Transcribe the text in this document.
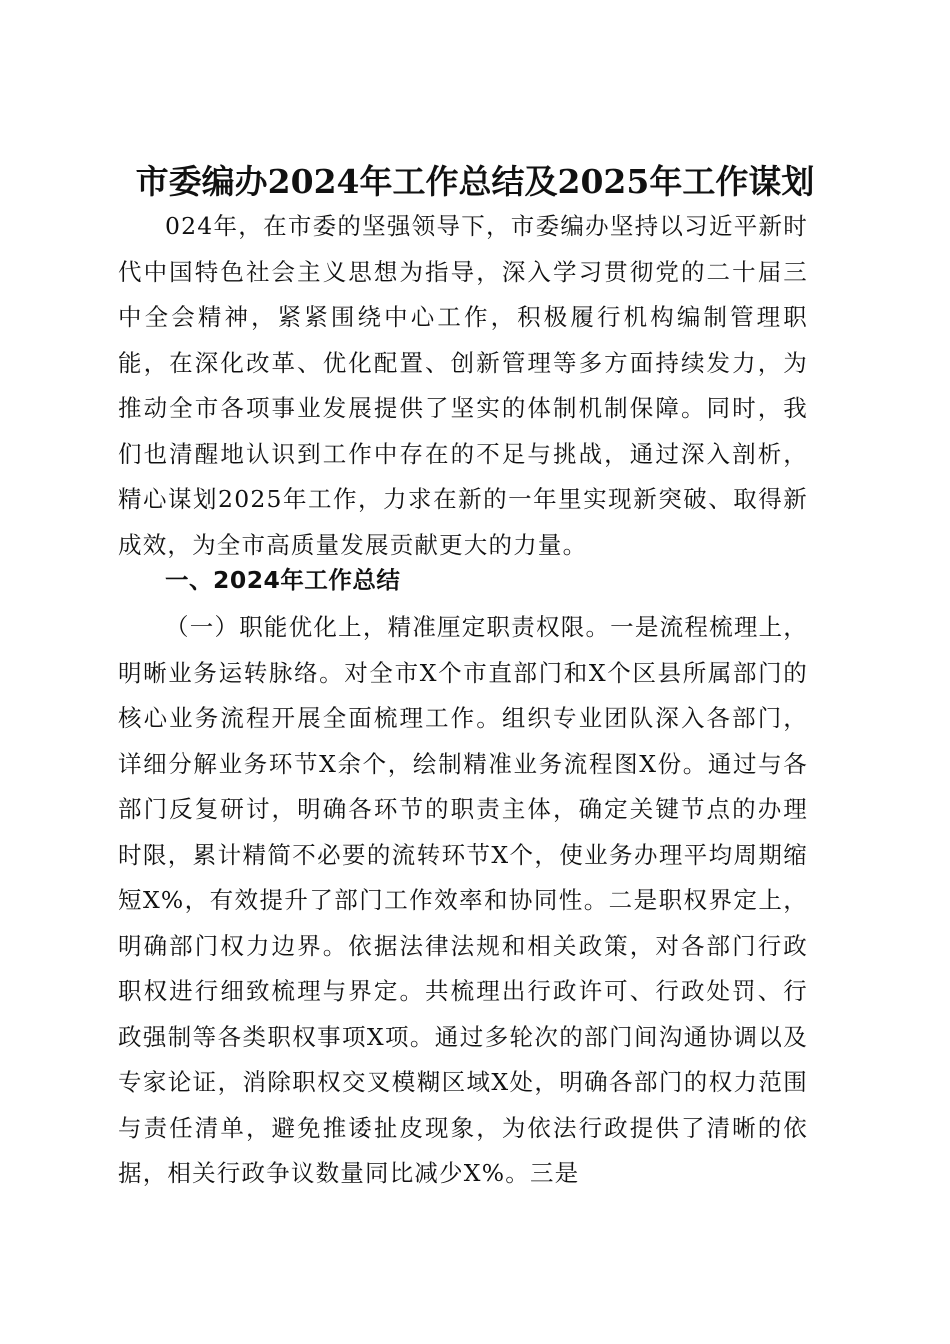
市委编办2024年工作总结及2025年工作谋划

024年，在市委的坚强领导下，市委编办坚持以习近平新时代中国特色社会主义思想为指导，深入学习贯彻党的二十届三中全会精神，紧紧围绕中心工作，积极履行机构编制管理职能，在深化改革、优化配置、创新管理等多方面持续发力，为推动全市各项事业发展提供了坚实的体制机制保障。同时，我们也清醒地认识到工作中存在的不足与挑战，通过深入剖析，精心谋划2025年工作，力求在新的一年里实现新突破、取得新成效，为全市高质量发展贡献更大的力量。

一、2024年工作总结

（一）职能优化上，精准厘定职责权限。一是流程梳理上，明晰业务运转脉络。对全市X个市直部门和X个区县所属部门的核心业务流程开展全面梳理工作。组织专业团队深入各部门，详细分解业务环节X余个，绘制精准业务流程图X份。通过与各部门反复研讨，明确各环节的职责主体，确定关键节点的办理时限，累计精简不必要的流转环节X个，使业务办理平均周期缩短X%，有效提升了部门工作效率和协同性。二是职权界定上，明确部门权力边界。依据法律法规和相关政策，对各部门行政职权进行细致梳理与界定。共梳理出行政许可、行政处罚、行政强制等各类职权事项X项。通过多轮次的部门间沟通协调以及专家论证，消除职权交叉模糊区域X处，明确各部门的权力范围与责任清单，避免推诿扯皮现象，为依法行政提供了清晰的依据，相关行政争议数量同比减少X%。三是
